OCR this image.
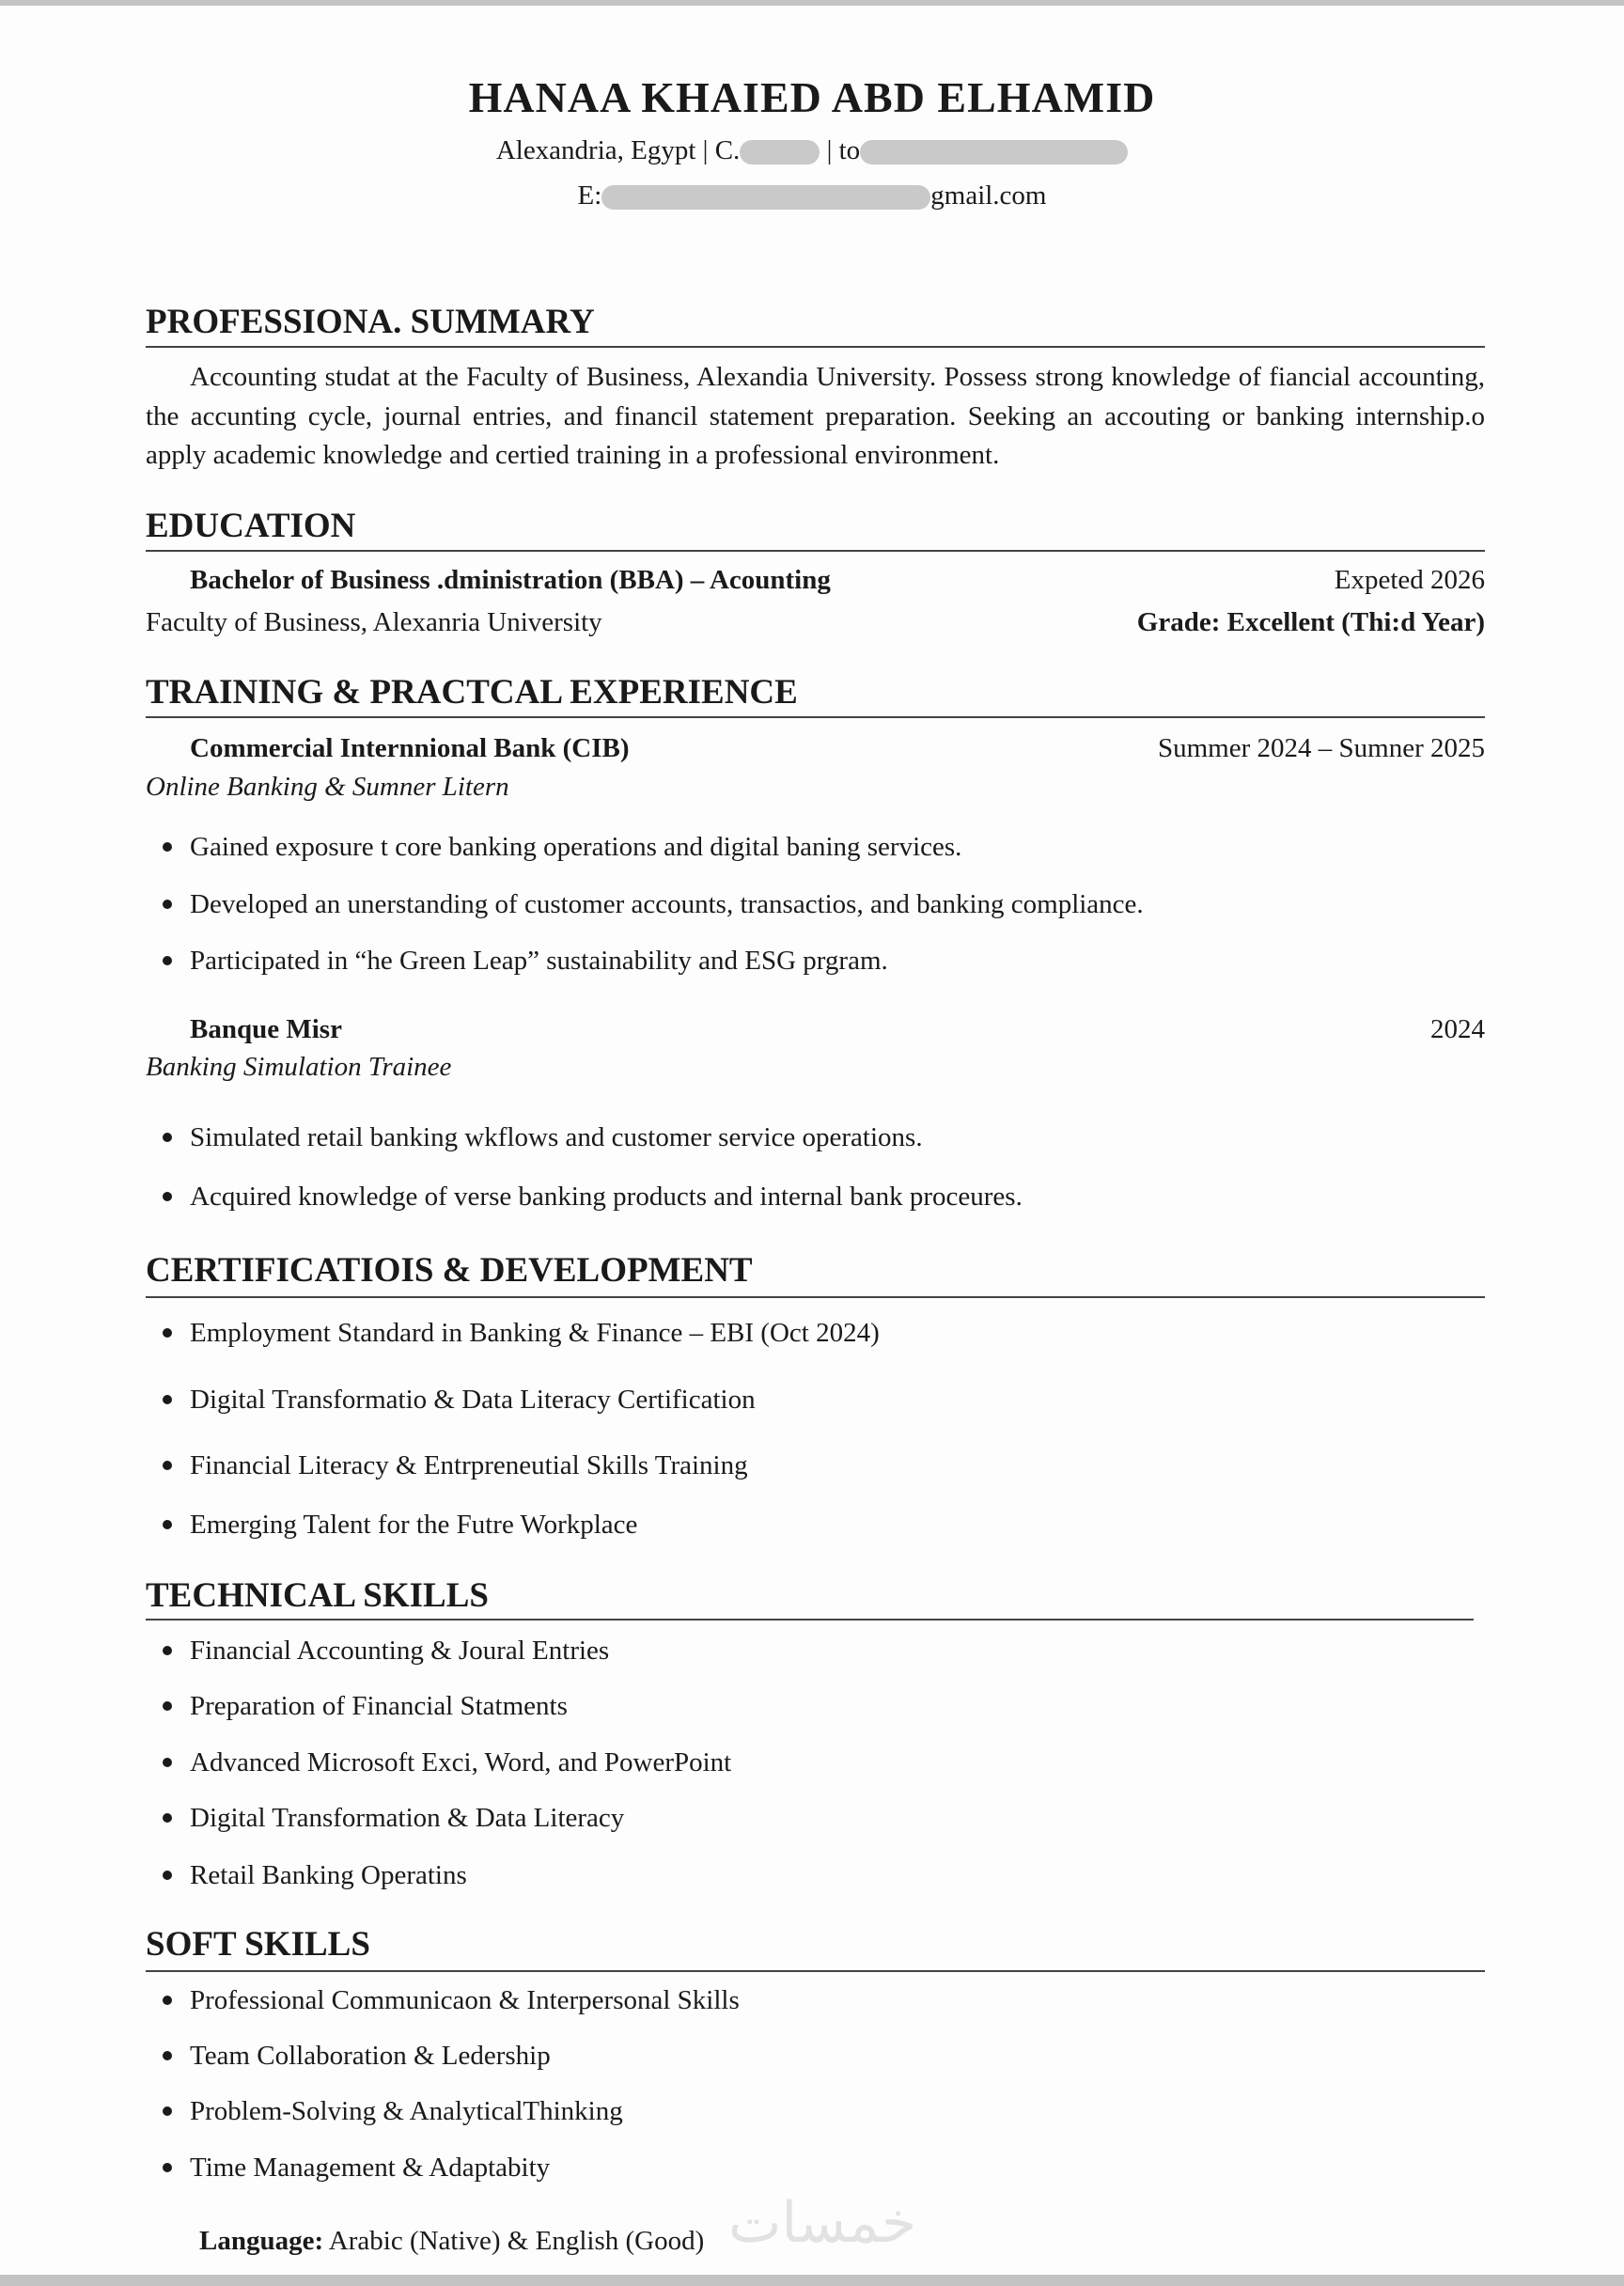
HANAA KHAIED ABD ELHAMID
Alexandria, Egypt | C.	| to
E:	gmail.com
PROFESSIONA. SUMMARY
Accounting studat at the Faculty of Business, Alexandia University. Possess strong knowledge of fiancial accounting, the accunting cycle, journal entries, and financil statement preparation. Seeking an accouting or banking internship.o apply academic knowledge and certied training in a professional environment.
EDUCATION
Bachelor of Business .dministration (BBA) – Acounting	Expeted 2026
Faculty of Business, Alexanria University	Grade: Excellent (Thi:d Year)
TRAINING & PRACTCAL EXPERIENCE
Commercial Internnional Bank (CIB)	Summer 2024 – Sumner 2025
Online Banking & Sumner Litern
Gained exposure t core banking operations and digital baning services.
Developed an unerstanding of customer accounts, transactios, and banking compliance.
Participated in “he Green Leap” sustainability and ESG prgram.
Banque Misr	2024
Banking Simulation Trainee
Simulated retail banking wkflows and customer service operations.
Acquired knowledge of verse banking products and internal bank proceures.
CERTIFICATIOIS & DEVELOPMENT
Employment Standard in Banking & Finance – EBI (Oct 2024)
Digital Transformatio & Data Literacy Certification
Financial Literacy & Entrpreneutial Skills Training
Emerging Talent for the Futre Workplace
TECHNICAL SKILLS
Financial Accounting & Joural Entries
Preparation of Financial Statments
Advanced Microsoft Exci, Word, and PowerPoint
Digital Transformation & Data Literacy
Retail Banking Operatins
SOFT SKILLS
Professional Communicaon & Interpersonal Skills
Team Collaboration & Ledership
Problem-Solving & AnalyticalThinking
Time Management & Adaptabity
خمسات
Language: Arabic (Native) & English (Good)
